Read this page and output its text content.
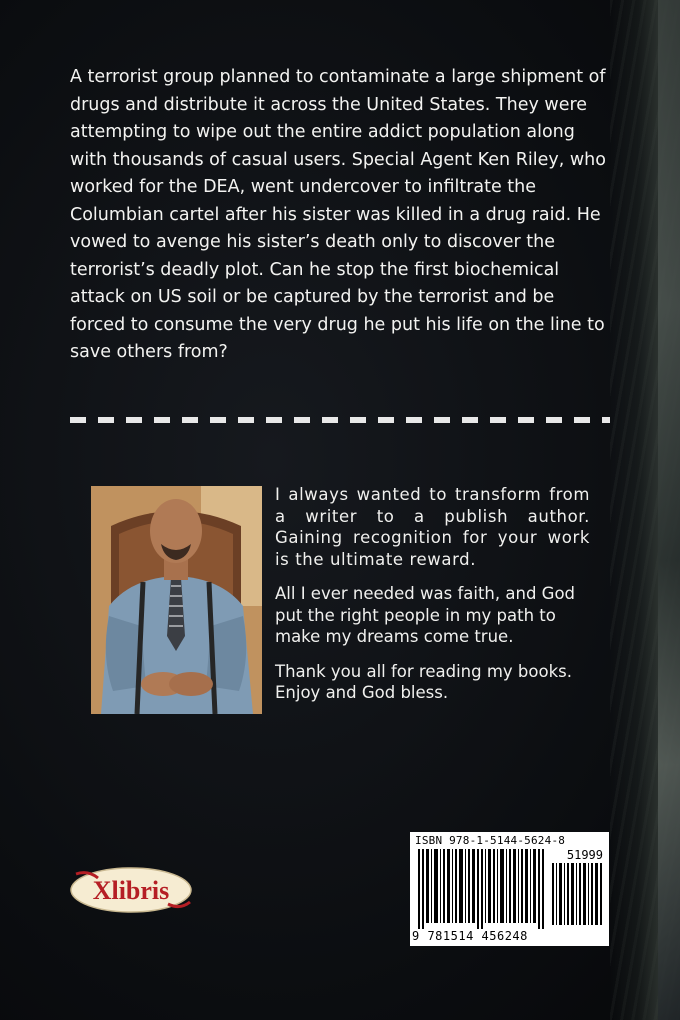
A terrorist group planned to contaminate a large shipment of drugs and distribute it across the United States. They were attempting to wipe out the entire addict population along with thousands of casual users. Special Agent Ken Riley, who worked for the DEA, went undercover to infiltrate the Columbian cartel after his sister was killed in a drug raid. He vowed to avenge his sister’s death only to discover the terrorist’s deadly plot. Can he stop the first biochemical attack on US soil or be captured by the terrorist and be forced to consume the very drug he put his life on the line to save others from?

I always wanted to transform from a writer to a publish author. Gaining recognition for your work is the ultimate reward.

All I ever needed was faith, and God put the right people in my path to make my dreams come true.

Thank you all for reading my books. Enjoy and God bless.

Xlibris
ISBN 978-1-5144-5624-8
51999
9 781514 456248
